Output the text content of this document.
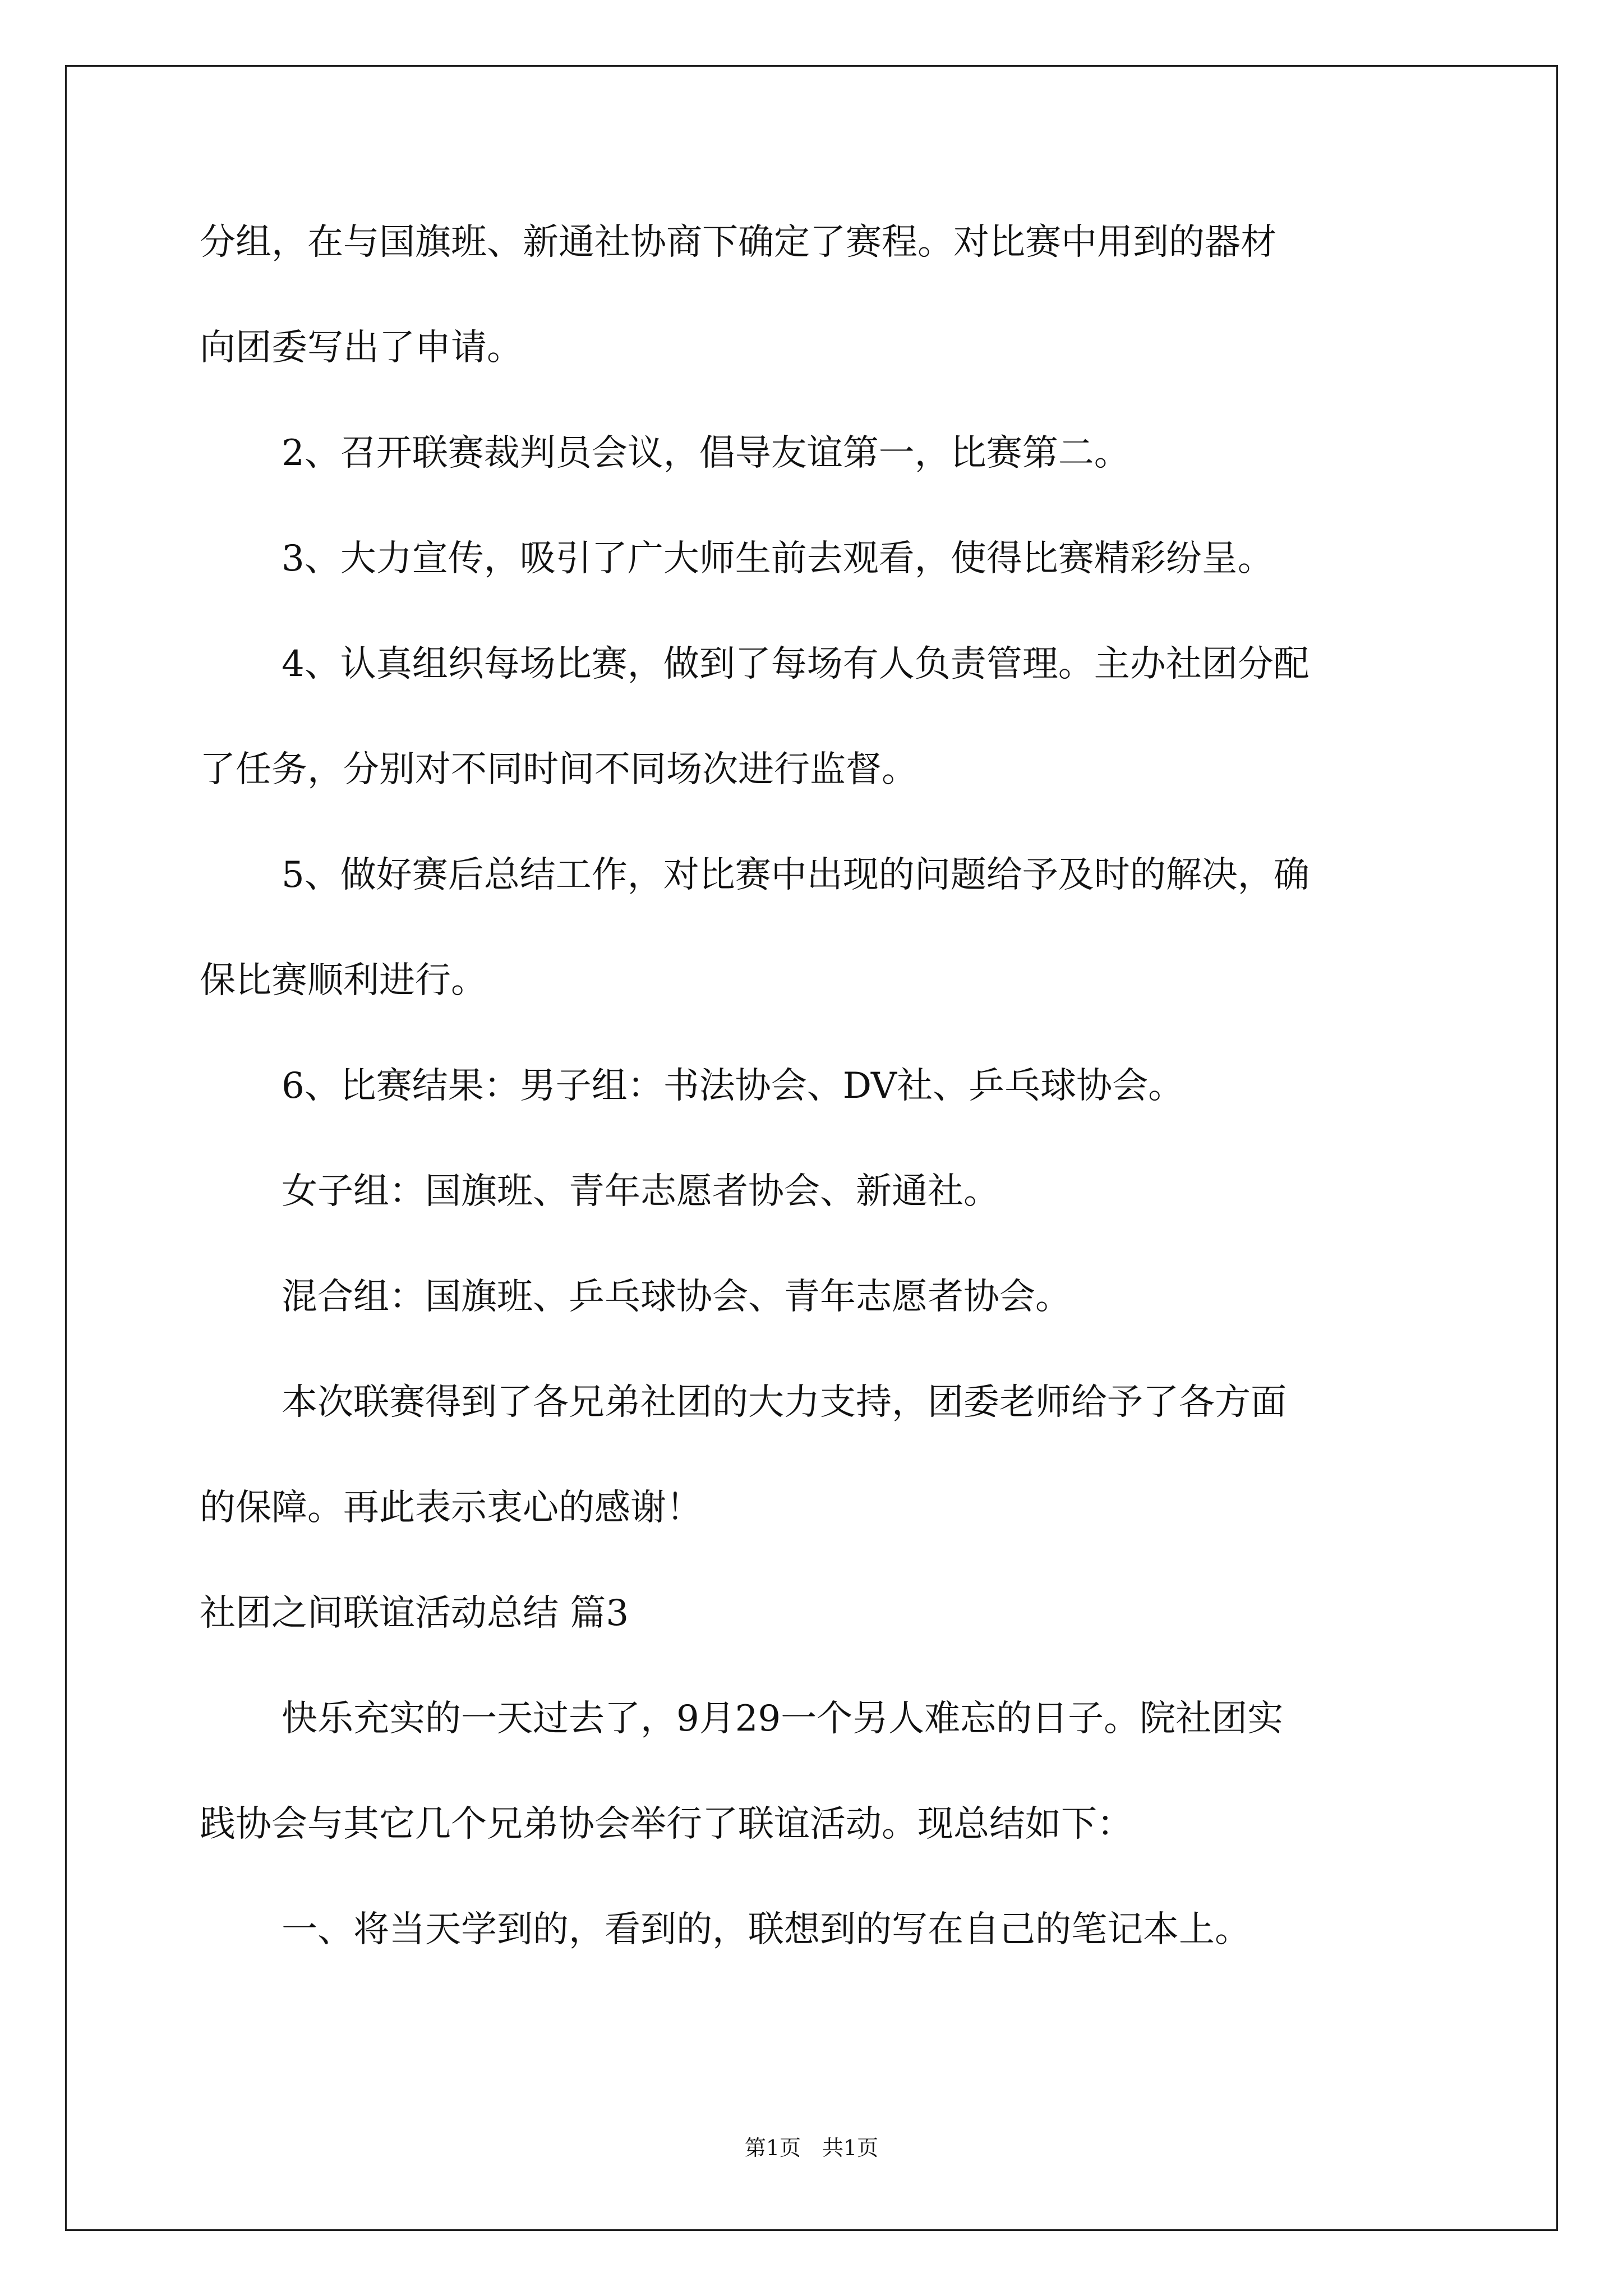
分组，在与国旗班、新通社协商下确定了赛程。对比赛中用到的器材
向团委写出了申请。
2、召开联赛裁判员会议，倡导友谊第一，比赛第二。
3、大力宣传，吸引了广大师生前去观看，使得比赛精彩纷呈。
4、认真组织每场比赛，做到了每场有人负责管理。主办社团分配
了任务，分别对不同时间不同场次进行监督。
5、做好赛后总结工作，对比赛中出现的问题给予及时的解决，确
保比赛顺利进行。
6、比赛结果：男子组：书法协会、DV社、乒乓球协会。
女子组：国旗班、青年志愿者协会、新通社。
混合组：国旗班、乒乓球协会、青年志愿者协会。
本次联赛得到了各兄弟社团的大力支持，团委老师给予了各方面
的保障。再此表示衷心的感谢！
社团之间联谊活动总结 篇3
快乐充实的一天过去了，9月29一个另人难忘的日子。院社团实
践协会与其它几个兄弟协会举行了联谊活动。现总结如下：
一、将当天学到的，看到的，联想到的写在自己的笔记本上。
第1页　共1页
